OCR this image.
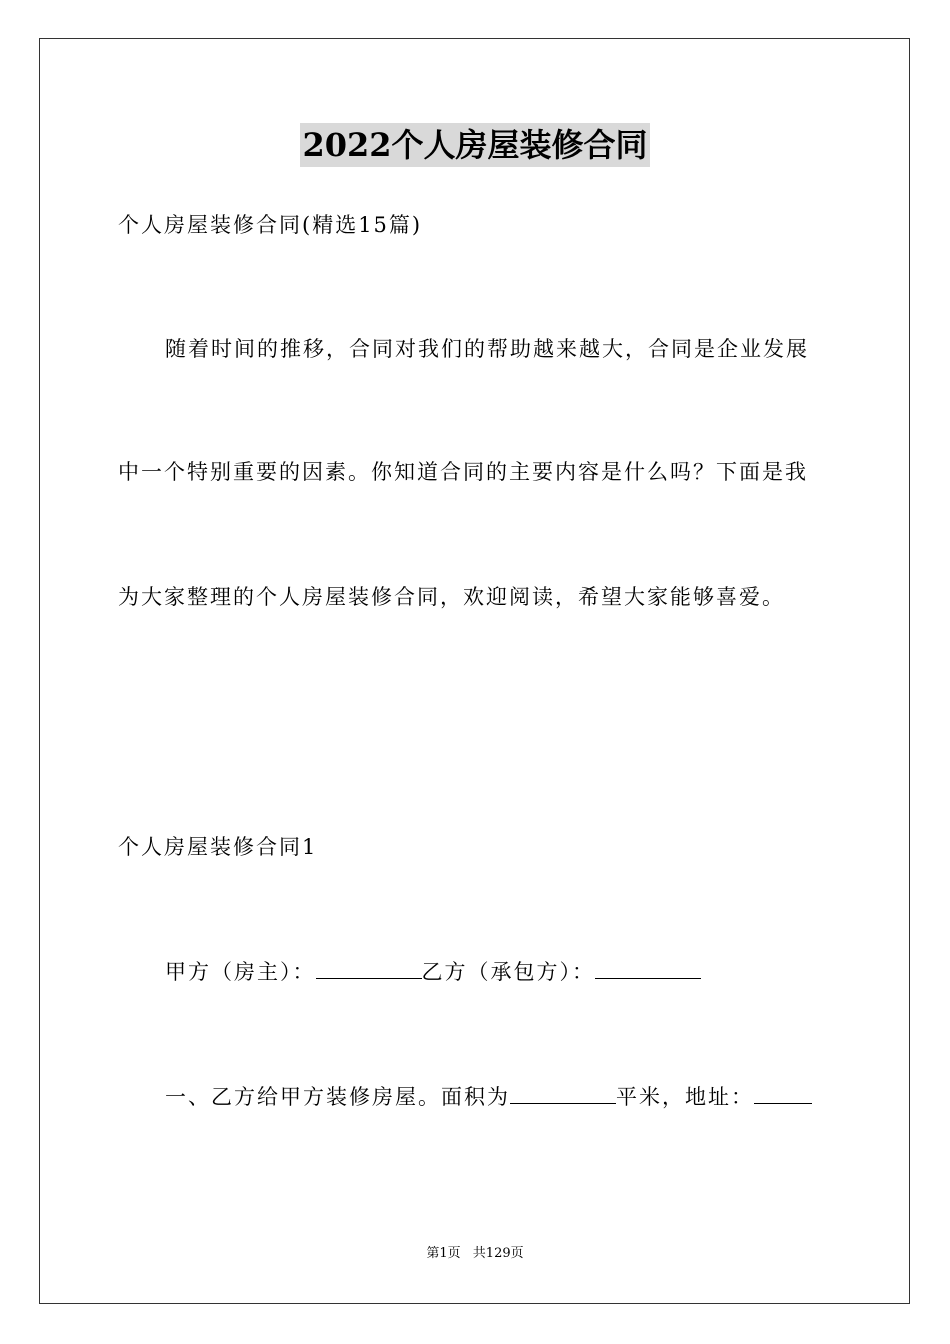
2022个人房屋装修合同
个人房屋装修合同(精选15篇)
随着时间的推移，合同对我们的帮助越来越大，合同是企业发展
中一个特别重要的因素。你知道合同的主要内容是什么吗？下面是我
为大家整理的个人房屋装修合同，欢迎阅读，希望大家能够喜爱。
个人房屋装修合同1
甲方（房主）：	乙方（承包方）：
一、乙方给甲方装修房屋。面积为	平米，地址：
第1页 共129页
